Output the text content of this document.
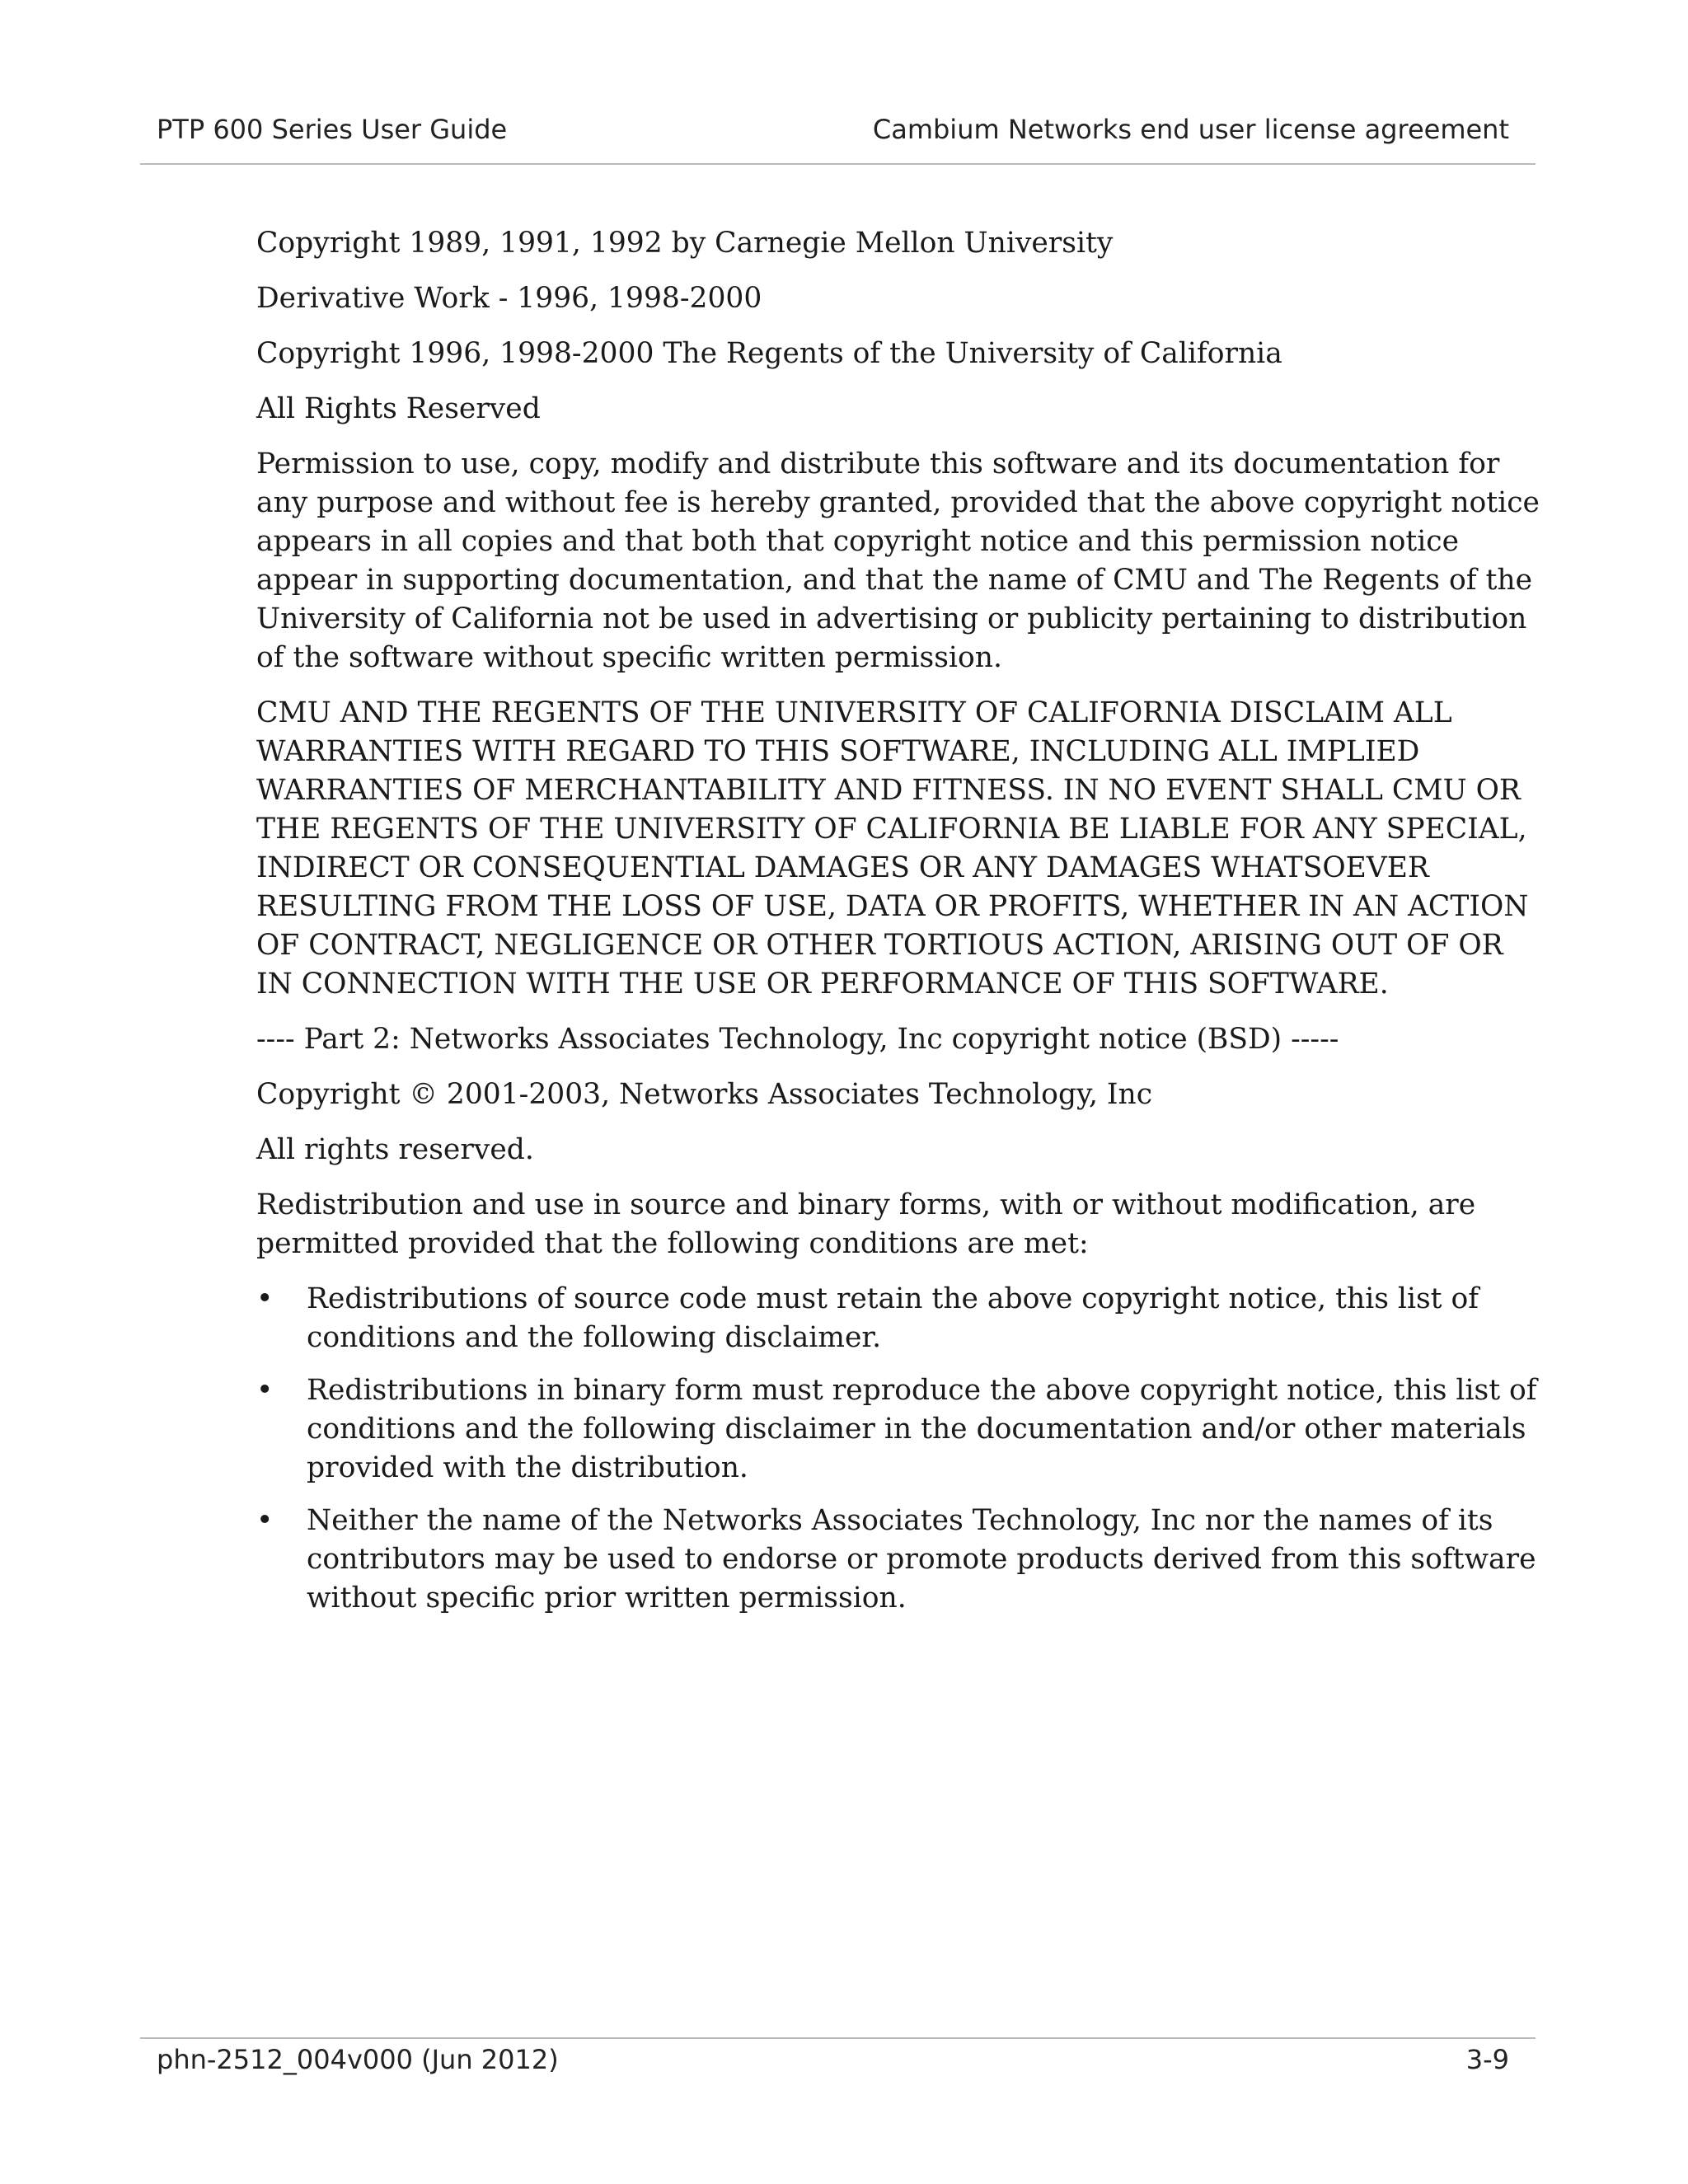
PTP 600 Series User Guide	Cambium Networks end user license agreement

Copyright 1989, 1991, 1992 by Carnegie Mellon University

Derivative Work - 1996, 1998-2000

Copyright 1996, 1998-2000 The Regents of the University of California

All Rights Reserved

Permission to use, copy, modify and distribute this software and its documentation for any purpose and without fee is hereby granted, provided that the above copyright notice appears in all copies and that both that copyright notice and this permission notice appear in supporting documentation, and that the name of CMU and The Regents of the University of California not be used in advertising or publicity pertaining to distribution of the software without specific written permission.

CMU AND THE REGENTS OF THE UNIVERSITY OF CALIFORNIA DISCLAIM ALL WARRANTIES WITH REGARD TO THIS SOFTWARE, INCLUDING ALL IMPLIED WARRANTIES OF MERCHANTABILITY AND FITNESS. IN NO EVENT SHALL CMU OR THE REGENTS OF THE UNIVERSITY OF CALIFORNIA BE LIABLE FOR ANY SPECIAL, INDIRECT OR CONSEQUENTIAL DAMAGES OR ANY DAMAGES WHATSOEVER RESULTING FROM THE LOSS OF USE, DATA OR PROFITS, WHETHER IN AN ACTION OF CONTRACT, NEGLIGENCE OR OTHER TORTIOUS ACTION, ARISING OUT OF OR IN CONNECTION WITH THE USE OR PERFORMANCE OF THIS SOFTWARE.

---- Part 2: Networks Associates Technology, Inc copyright notice (BSD) -----

Copyright © 2001-2003, Networks Associates Technology, Inc

All rights reserved.

Redistribution and use in source and binary forms, with or without modification, are permitted provided that the following conditions are met:

• Redistributions of source code must retain the above copyright notice, this list of conditions and the following disclaimer.
• Redistributions in binary form must reproduce the above copyright notice, this list of conditions and the following disclaimer in the documentation and/or other materials provided with the distribution.
• Neither the name of the Networks Associates Technology, Inc nor the names of its contributors may be used to endorse or promote products derived from this software without specific prior written permission.
phn-2512_004v000 (Jun 2012)	3-9
